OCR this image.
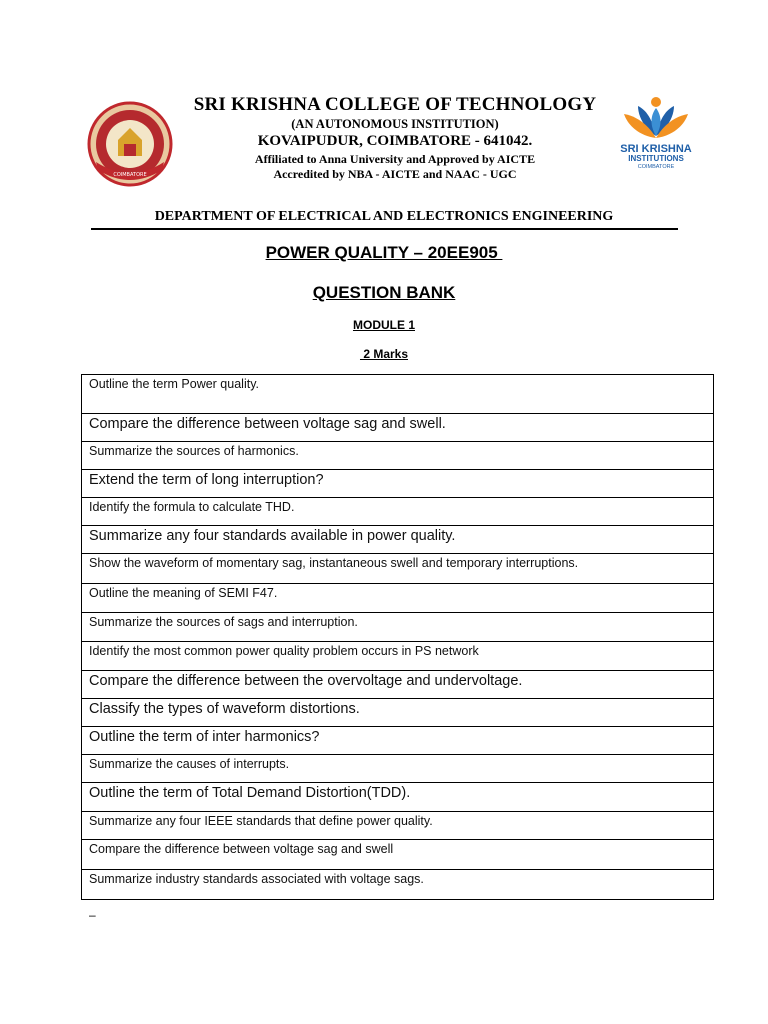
COIMBATORE
SRI KRISHNA
INSTITUTIONS
COIMBATORE
SRI KRISHNA COLLEGE OF TECHNOLOGY
(AN AUTONOMOUS INSTITUTION)
KOVAIPUDUR, COIMBATORE - 641042.
Affiliated to Anna University and Approved by AICTE
Accredited by NBA - AICTE and NAAC - UGC
DEPARTMENT OF ELECTRICAL AND ELECTRONICS ENGINEERING
POWER QUALITY – 20EE905
QUESTION BANK
MODULE 1
2 Marks
Outline the term Power quality.
Compare the difference between voltage sag and swell.
Summarize the sources of harmonics.
Extend the term of long interruption?
Identify the formula to calculate THD.
Summarize any four standards available in power quality.
Show the waveform of momentary sag, instantaneous swell and temporary interruptions.
Outline the meaning of SEMI F47.
Summarize the sources of sags and interruption.
Identify the most common power quality problem occurs in PS network
Compare the difference between the overvoltage and undervoltage.
Classify the types of waveform distortions.
Outline the term of inter harmonics?
Summarize the causes of interrupts.
Outline the term of Total Demand Distortion(TDD).
Summarize any four IEEE standards that define power quality.
Compare the difference between voltage sag and swell
Summarize industry standards associated with voltage sags.
–
